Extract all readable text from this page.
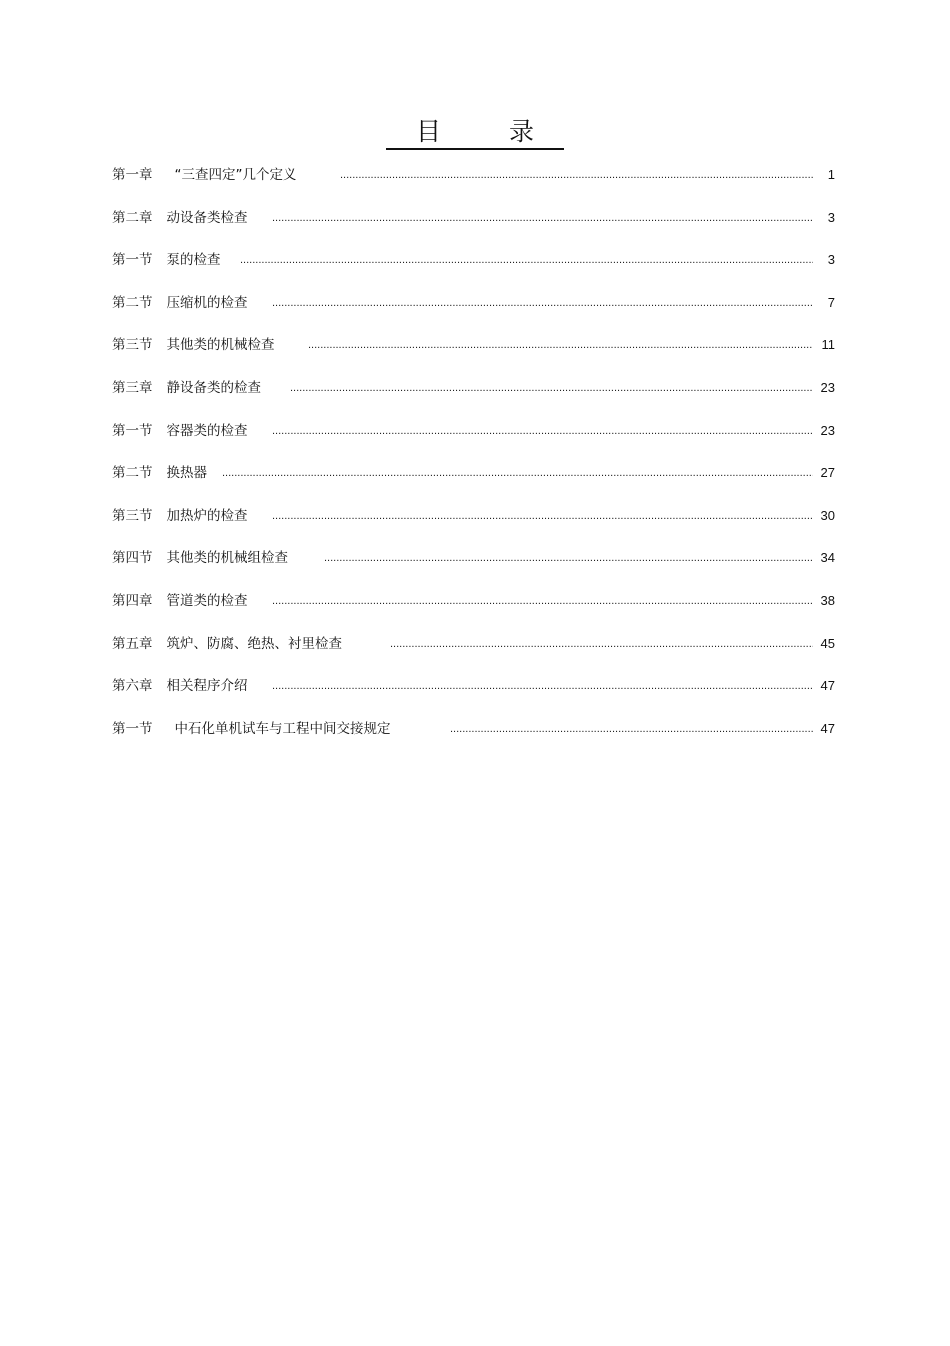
目 录
.....
第一章 “三查四定”几个定义	1
.....
第二章 动设备类检查	3
.....
第一节 泵的检查	3
.....
第二节 压缩机的检查	7
.....
第三节 其他类的机械检查	11
.....
第三章 静设备类的检查	23
.....
第一节 容器类的检查	23
.....
第二节 换热器	27
.....
第三节 加热炉的检查	30
.....
第四节 其他类的机械组检查	34
.....
第四章 管道类的检查	38
.....
第五章 筑炉、防腐、绝热、衬里检查	45
.....
第六章 相关程序介绍	47
.....
第一节 中石化单机试车与工程中间交接规定	47
